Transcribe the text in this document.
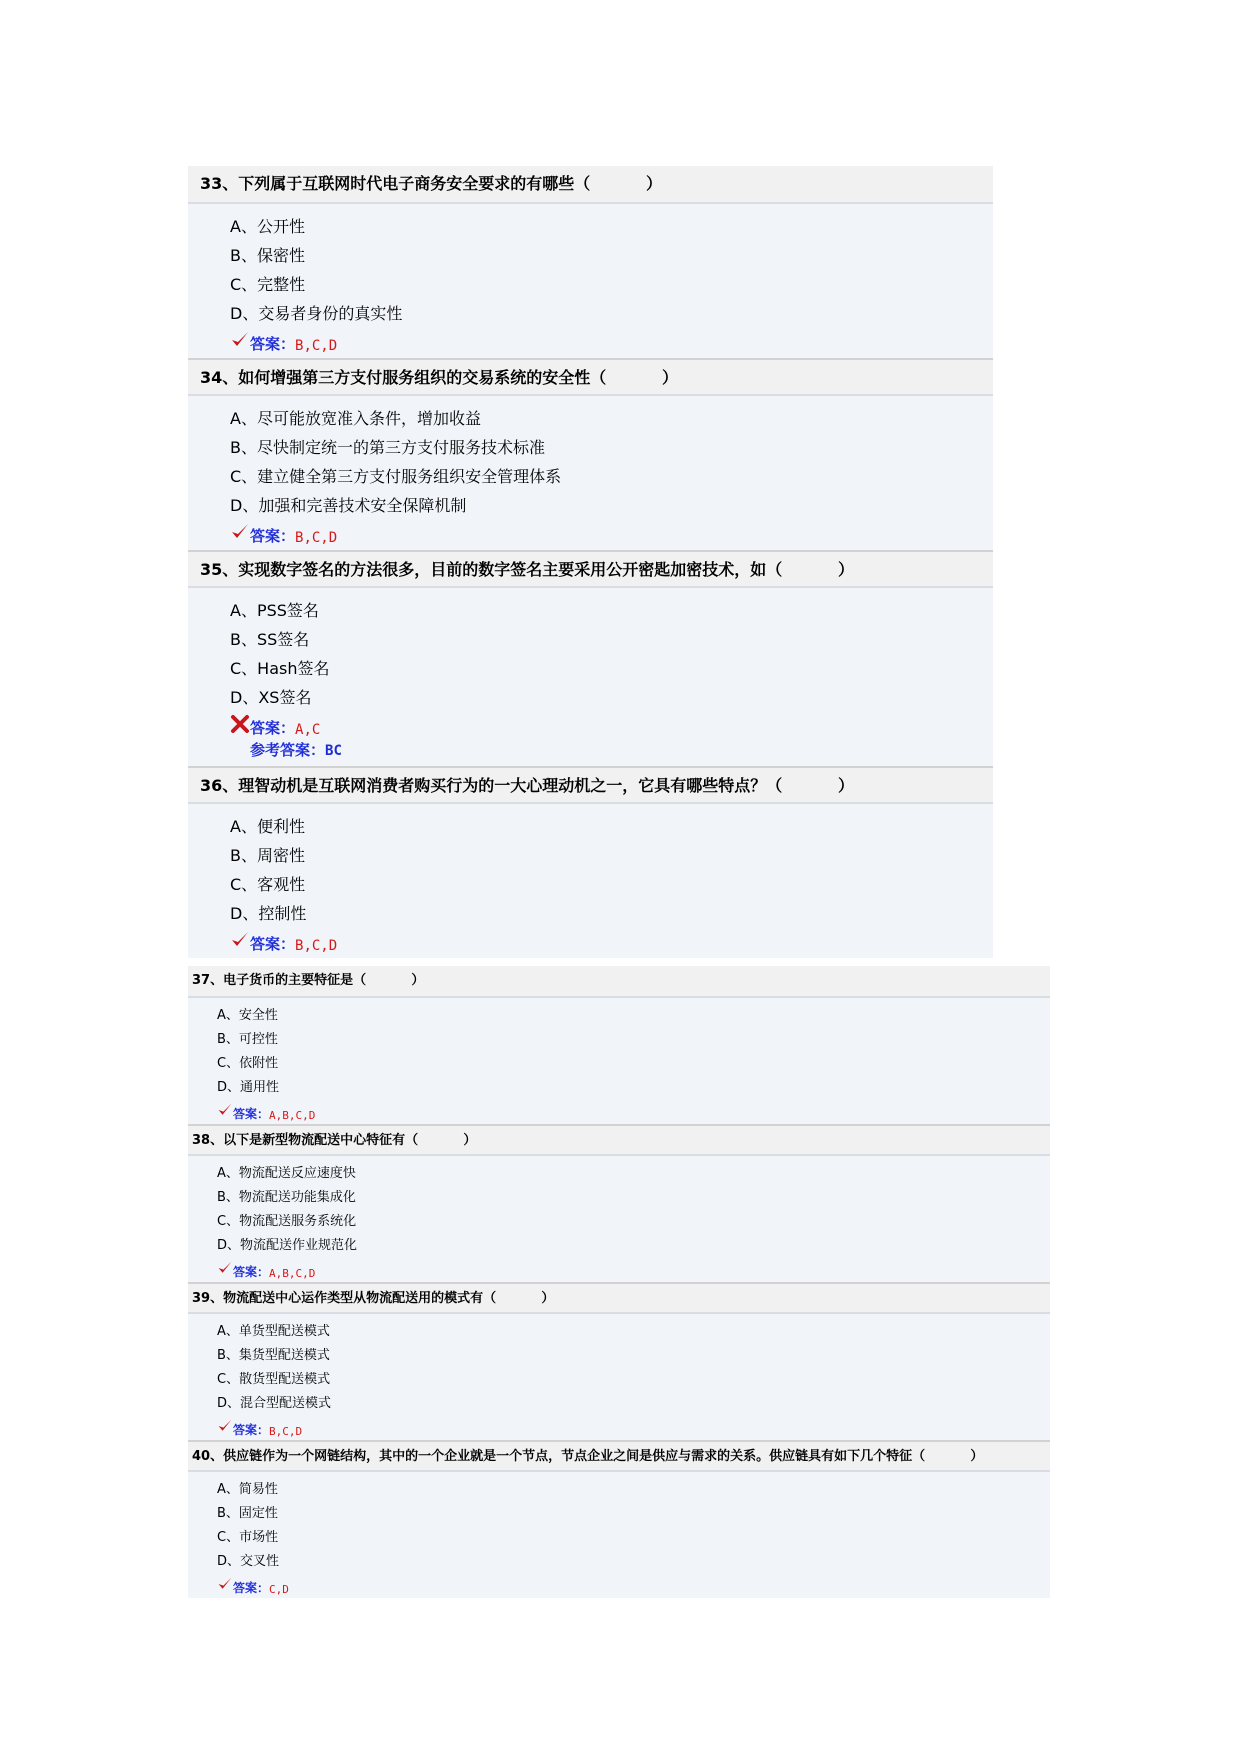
33、下列属于互联网时代电子商务安全要求的有哪些（          ）
A、公开性
B、保密性
C、完整性
D、交易者身份的真实性
答案： B,C,D
34、如何增强第三方支付服务组织的交易系统的安全性（          ）
A、尽可能放宽准入条件，增加收益
B、尽快制定统一的第三方支付服务技术标准
C、建立健全第三方支付服务组织安全管理体系
D、加强和完善技术安全保障机制
答案： B,C,D
35、实现数字签名的方法很多，目前的数字签名主要采用公开密匙加密技术，如（          ）
A、PSS签名
B、SS签名
C、Hash签名
D、XS签名
答案： A,C
参考答案：BC
36、理智动机是互联网消费者购买行为的一大心理动机之一，它具有哪些特点？（          ）
A、便利性
B、周密性
C、客观性
D、控制性
答案： B,C,D
37、电子货币的主要特征是（          ）
A、安全性
B、可控性
C、依附性
D、通用性
答案： A,B,C,D
38、以下是新型物流配送中心特征有（          ）
A、物流配送反应速度快
B、物流配送功能集成化
C、物流配送服务系统化
D、物流配送作业规范化
答案： A,B,C,D
39、物流配送中心运作类型从物流配送用的模式有（          ）
A、单货型配送模式
B、集货型配送模式
C、散货型配送模式
D、混合型配送模式
答案： B,C,D
40、供应链作为一个网链结构，其中的一个企业就是一个节点，节点企业之间是供应与需求的关系。供应链具有如下几个特征（          ）
A、简易性
B、固定性
C、市场性
D、交叉性
答案： C,D
